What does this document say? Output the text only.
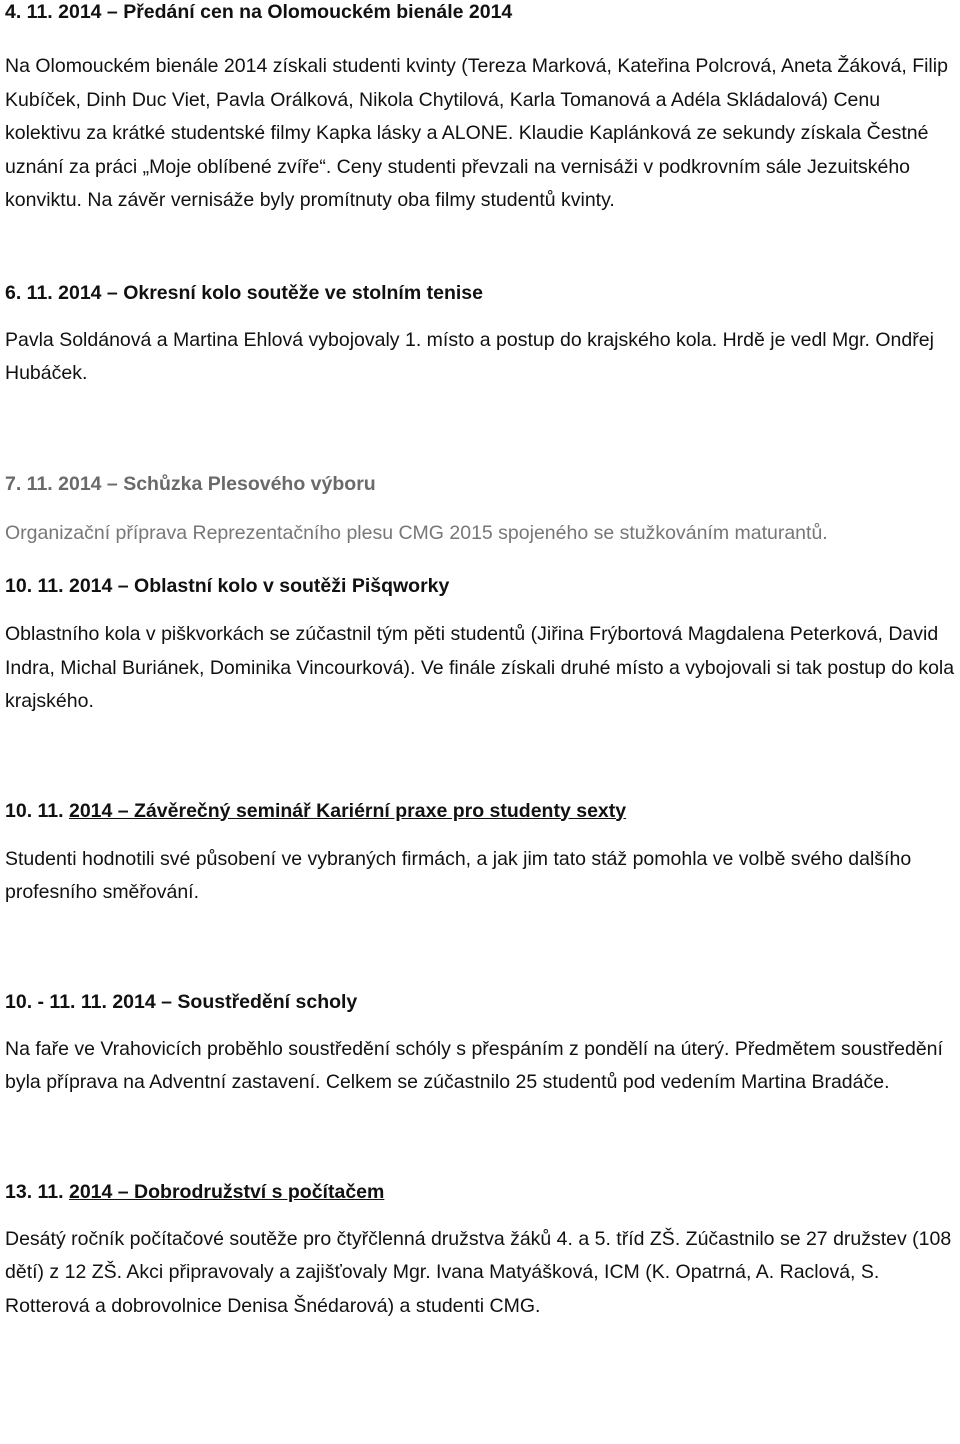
4. 11. 2014 – Předání cen na Olomouckém bienále 2014

Na Olomouckém bienále 2014 získali studenti kvinty (Tereza Marková, Kateřina Polcrová, Aneta Žáková, Filip Kubíček, Dinh Duc Viet, Pavla Orálková, Nikola Chytilová, Karla Tomanová a Adéla Skládalová) Cenu kolektivu za krátké studentské filmy Kapka lásky a ALONE. Klaudie Kaplánková ze sekundy získala Čestné uznání za práci „Moje oblíbené zvíře“. Ceny studenti převzali na vernisáži v podkrovním sále Jezuitského konviktu. Na závěr vernisáže byly promítnuty oba filmy studentů kvinty.

6. 11. 2014 – Okresní kolo soutěže ve stolním tenise

Pavla Soldánová a Martina Ehlová vybojovaly 1. místo a postup do krajského kola. Hrdě je vedl Mgr. Ondřej Hubáček.

7. 11. 2014 – Schůzka Plesového výboru

Organizační příprava Reprezentačního plesu CMG 2015 spojeného se stužkováním maturantů.

10. 11. 2014 – Oblastní kolo v soutěži Pišqworky

Oblastního kola v piškvorkách se zúčastnil tým pěti studentů (Jiřina Frýbortová Magdalena Peterková, David Indra, Michal Buriánek, Dominika Vincourková). Ve finále získali druhé místo a vybojovali si tak postup do kola krajského.

10. 11. 2014 – Závěrečný seminář Kariérní praxe pro studenty sexty

Studenti hodnotili své působení ve vybraných firmách, a jak jim tato stáž pomohla ve volbě svého dalšího profesního směřování.

10. - 11. 11. 2014 – Soustředění scholy

Na faře ve Vrahovicích proběhlo soustředění schóly s přespáním z pondělí na úterý. Předmětem soustředění byla příprava na Adventní zastavení. Celkem se zúčastnilo 25 studentů pod vedením Martina Bradáče.

13. 11. 2014 – Dobrodružství s počítačem

Desátý ročník počítačové soutěže pro čtyřčlenná družstva žáků 4. a 5. tříd ZŠ. Zúčastnilo se 27 družstev (108 dětí) z 12 ZŠ. Akci připravovaly a zajišťovaly Mgr. Ivana Matyášková, ICM (K. Opatrná, A. Raclová, S. Rotterová a dobrovolnice Denisa Šnédarová) a studenti CMG.
